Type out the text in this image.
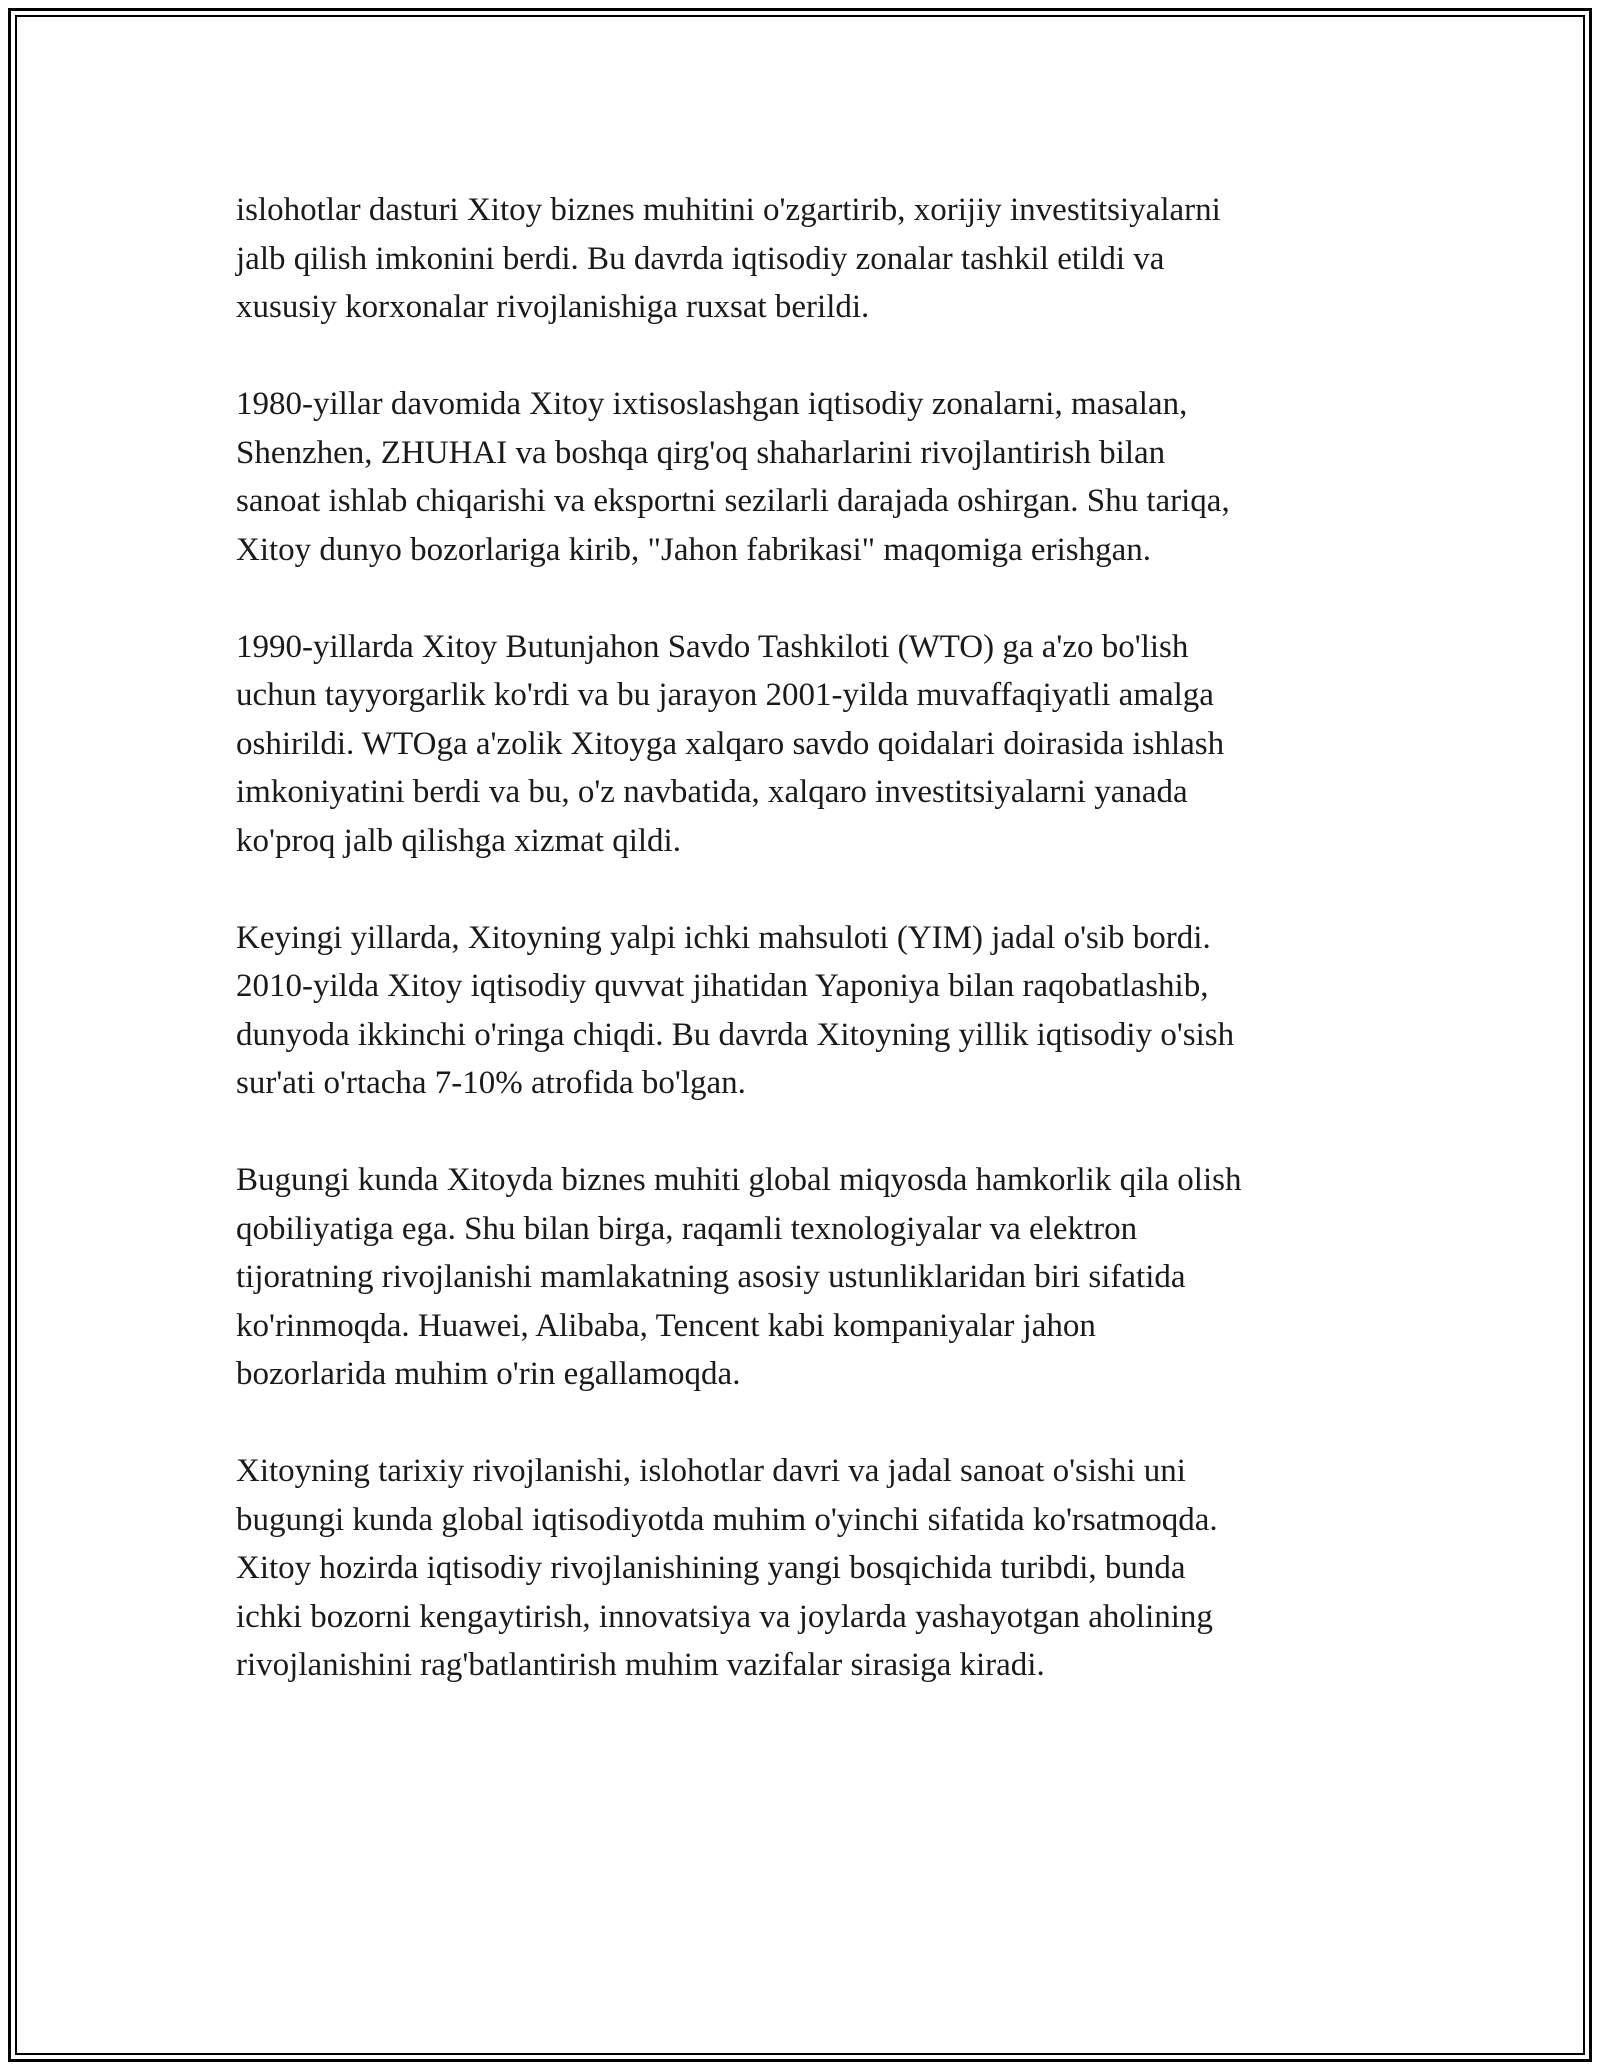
islohotlar dasturi Xitoy biznes muhitini o'zgartirib, xorijiy investitsiyalarni
jalb qilish imkonini berdi. Bu davrda iqtisodiy zonalar tashkil etildi va
xususiy korxonalar rivojlanishiga ruxsat berildi.

1980-yillar davomida Xitoy ixtisoslashgan iqtisodiy zonalarni, masalan,
Shenzhen, ZHUHAI va boshqa qirg'oq shaharlarini rivojlantirish bilan
sanoat ishlab chiqarishi va eksportni sezilarli darajada oshirgan. Shu tariqa,
Xitoy dunyo bozorlariga kirib, "Jahon fabrikasi" maqomiga erishgan.

1990-yillarda Xitoy Butunjahon Savdo Tashkiloti (WTO) ga a'zo bo'lish
uchun tayyorgarlik ko'rdi va bu jarayon 2001-yilda muvaffaqiyatli amalga
oshirildi. WTOga a'zolik Xitoyga xalqaro savdo qoidalari doirasida ishlash
imkoniyatini berdi va bu, o'z navbatida, xalqaro investitsiyalarni yanada
ko'proq jalb qilishga xizmat qildi.

Keyingi yillarda, Xitoyning yalpi ichki mahsuloti (YIM) jadal o'sib bordi.
2010-yilda Xitoy iqtisodiy quvvat jihatidan Yaponiya bilan raqobatlashib,
dunyoda ikkinchi o'ringa chiqdi. Bu davrda Xitoyning yillik iqtisodiy o'sish
sur'ati o'rtacha 7-10% atrofida bo'lgan.

Bugungi kunda Xitoyda biznes muhiti global miqyosda hamkorlik qila olish
qobiliyatiga ega. Shu bilan birga, raqamli texnologiyalar va elektron
tijoratning rivojlanishi mamlakatning asosiy ustunliklaridan biri sifatida
ko'rinmoqda. Huawei, Alibaba, Tencent kabi kompaniyalar jahon
bozorlarida muhim o'rin egallamoqda.

Xitoyning tarixiy rivojlanishi, islohotlar davri va jadal sanoat o'sishi uni
bugungi kunda global iqtisodiyotda muhim o'yinchi sifatida ko'rsatmoqda.
Xitoy hozirda iqtisodiy rivojlanishining yangi bosqichida turibdi, bunda
ichki bozorni kengaytirish, innovatsiya va joylarda yashayotgan aholining
rivojlanishini rag'batlantirish muhim vazifalar sirasiga kiradi.
